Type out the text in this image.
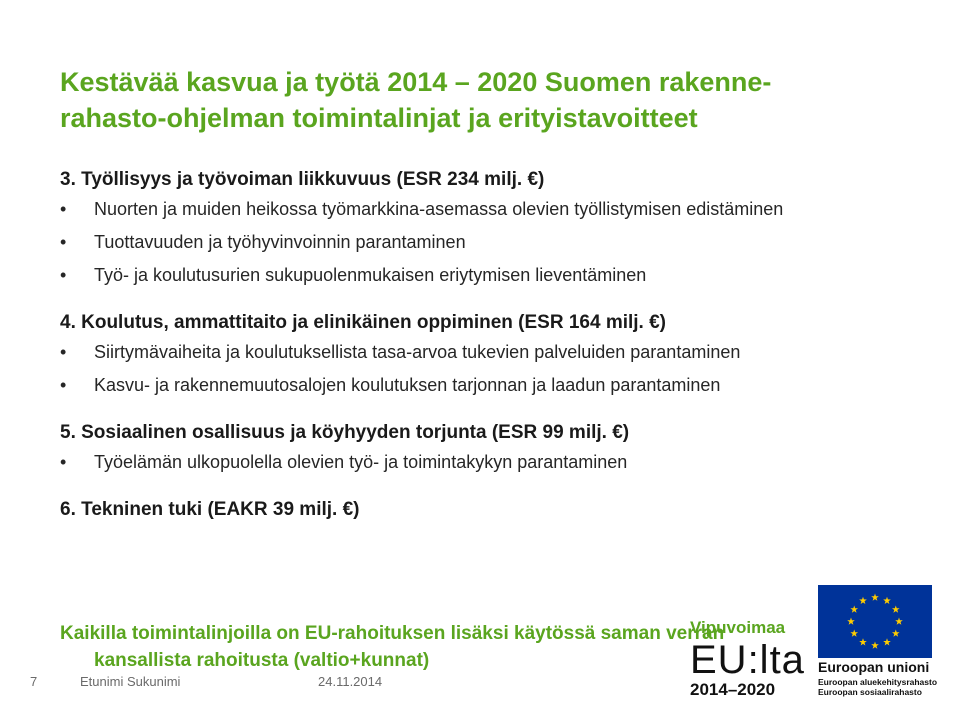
Kestävää kasvua ja työtä 2014 – 2020 Suomen rakenne-
rahasto-ohjelman toimintalinjat ja erityistavoitteet
3. Työllisyys ja työvoiman liikkuvuus (ESR 234 milj. €)
• Nuorten ja muiden heikossa työmarkkina-asemassa olevien työllistymisen edistäminen
• Tuottavuuden ja työhyvinvoinnin parantaminen
• Työ- ja koulutusurien sukupuolenmukaisen eriytymisen lieventäminen
4. Koulutus, ammattitaito ja elinikäinen oppiminen (ESR 164 milj. €)
• Siirtymävaiheita ja koulutuksellista tasa-arvoa tukevien palveluiden parantaminen
• Kasvu- ja rakennemuutosalojen koulutuksen tarjonnan ja laadun parantaminen
5. Sosiaalinen osallisuus ja köyhyyden torjunta (ESR 99 milj. €)
• Työelämän ulkopuolella olevien työ- ja toimintakykyn parantaminen
6. Tekninen tuki (EAKR 39 milj. €)
Kaikilla toimintalinjoilla on EU-rahoituksen lisäksi käytössä saman verran
kansallista rahoitusta (valtio+kunnat)
7	Etunimi Sukunimi	24.11.2014
Vipuvoimaa
EU:lta
2014–2020
Euroopan unioni
Euroopan aluekehitysrahasto
Euroopan sosiaalirahasto
